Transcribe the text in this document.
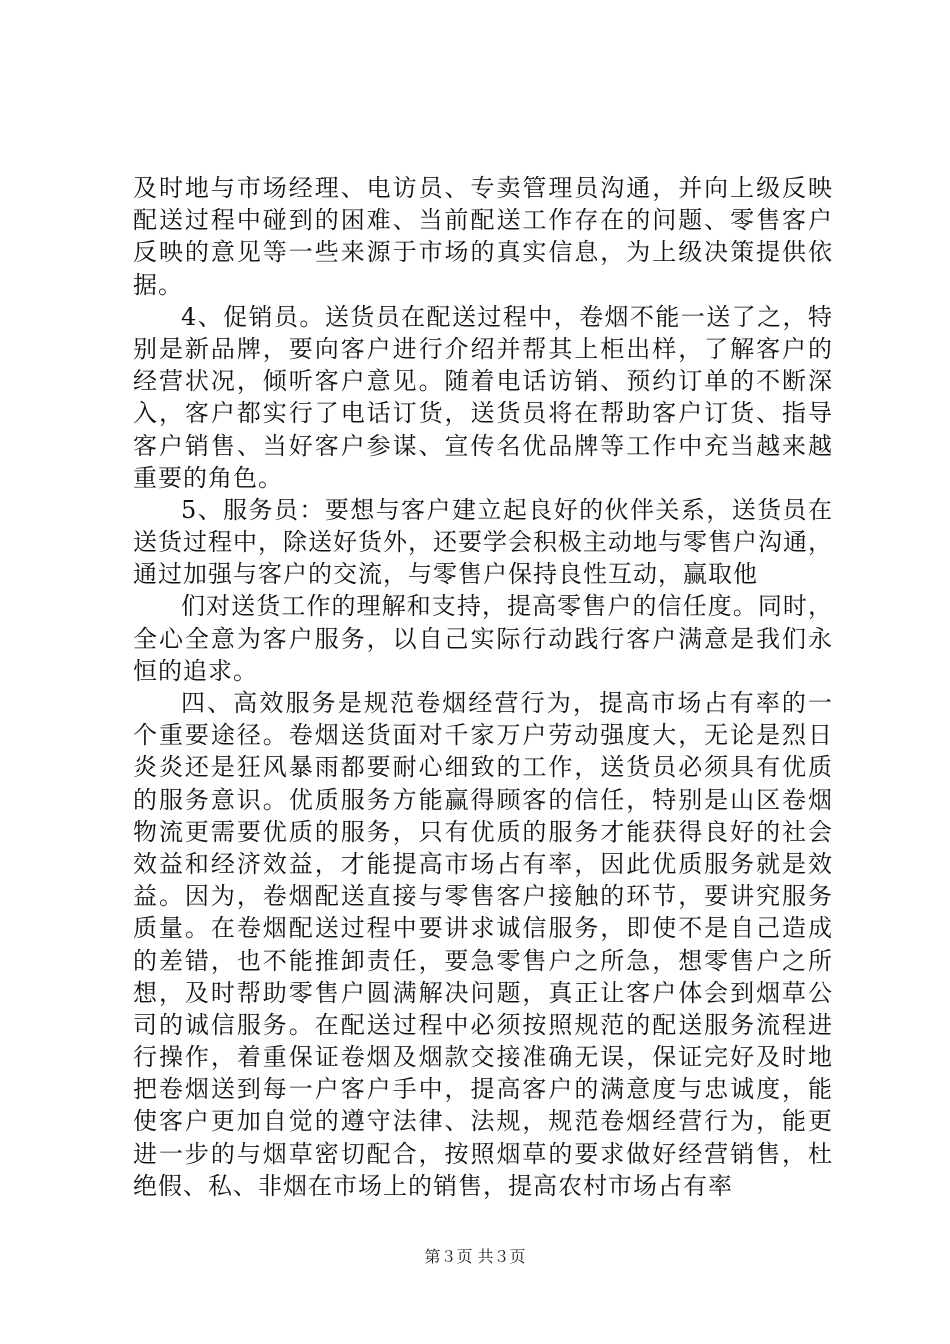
及时地与市场经理、电访员、专卖管理员沟通，并向上级反映
配送过程中碰到的困难、当前配送工作存在的问题、零售客户
反映的意见等一些来源于市场的真实信息，为上级决策提供依
据。
4、促销员。送货员在配送过程中，卷烟不能一送了之，特
别是新品牌，要向客户进行介绍并帮其上柜出样，了解客户的
经营状况，倾听客户意见。随着电话访销、预约订单的不断深
入，客户都实行了电话订货，送货员将在帮助客户订货、指导
客户销售、当好客户参谋、宣传名优品牌等工作中充当越来越
重要的角色。
5、服务员：要想与客户建立起良好的伙伴关系，送货员在
送货过程中，除送好货外，还要学会积极主动地与零售户沟通，
通过加强与客户的交流，与零售户保持良性互动，赢取他
们对送货工作的理解和支持，提高零售户的信任度。同时，
全心全意为客户服务，以自己实际行动践行客户满意是我们永
恒的追求。
四、高效服务是规范卷烟经营行为，提高市场占有率的一
个重要途径。卷烟送货面对千家万户劳动强度大，无论是烈日
炎炎还是狂风暴雨都要耐心细致的工作，送货员必须具有优质
的服务意识。优质服务方能赢得顾客的信任，特别是山区卷烟
物流更需要优质的服务，只有优质的服务才能获得良好的社会
效益和经济效益，才能提高市场占有率，因此优质服务就是效
益。因为，卷烟配送直接与零售客户接触的环节，要讲究服务
质量。在卷烟配送过程中要讲求诚信服务，即使不是自己造成
的差错，也不能推卸责任，要急零售户之所急，想零售户之所
想，及时帮助零售户圆满解决问题，真正让客户体会到烟草公
司的诚信服务。在配送过程中必须按照规范的配送服务流程进
行操作，着重保证卷烟及烟款交接准确无误，保证完好及时地
把卷烟送到每一户客户手中，提高客户的满意度与忠诚度，能
使客户更加自觉的遵守法律、法规，规范卷烟经营行为，能更
进一步的与烟草密切配合，按照烟草的要求做好经营销售，杜
绝假、私、非烟在市场上的销售，提高农村市场占有率
第３页 共３页
